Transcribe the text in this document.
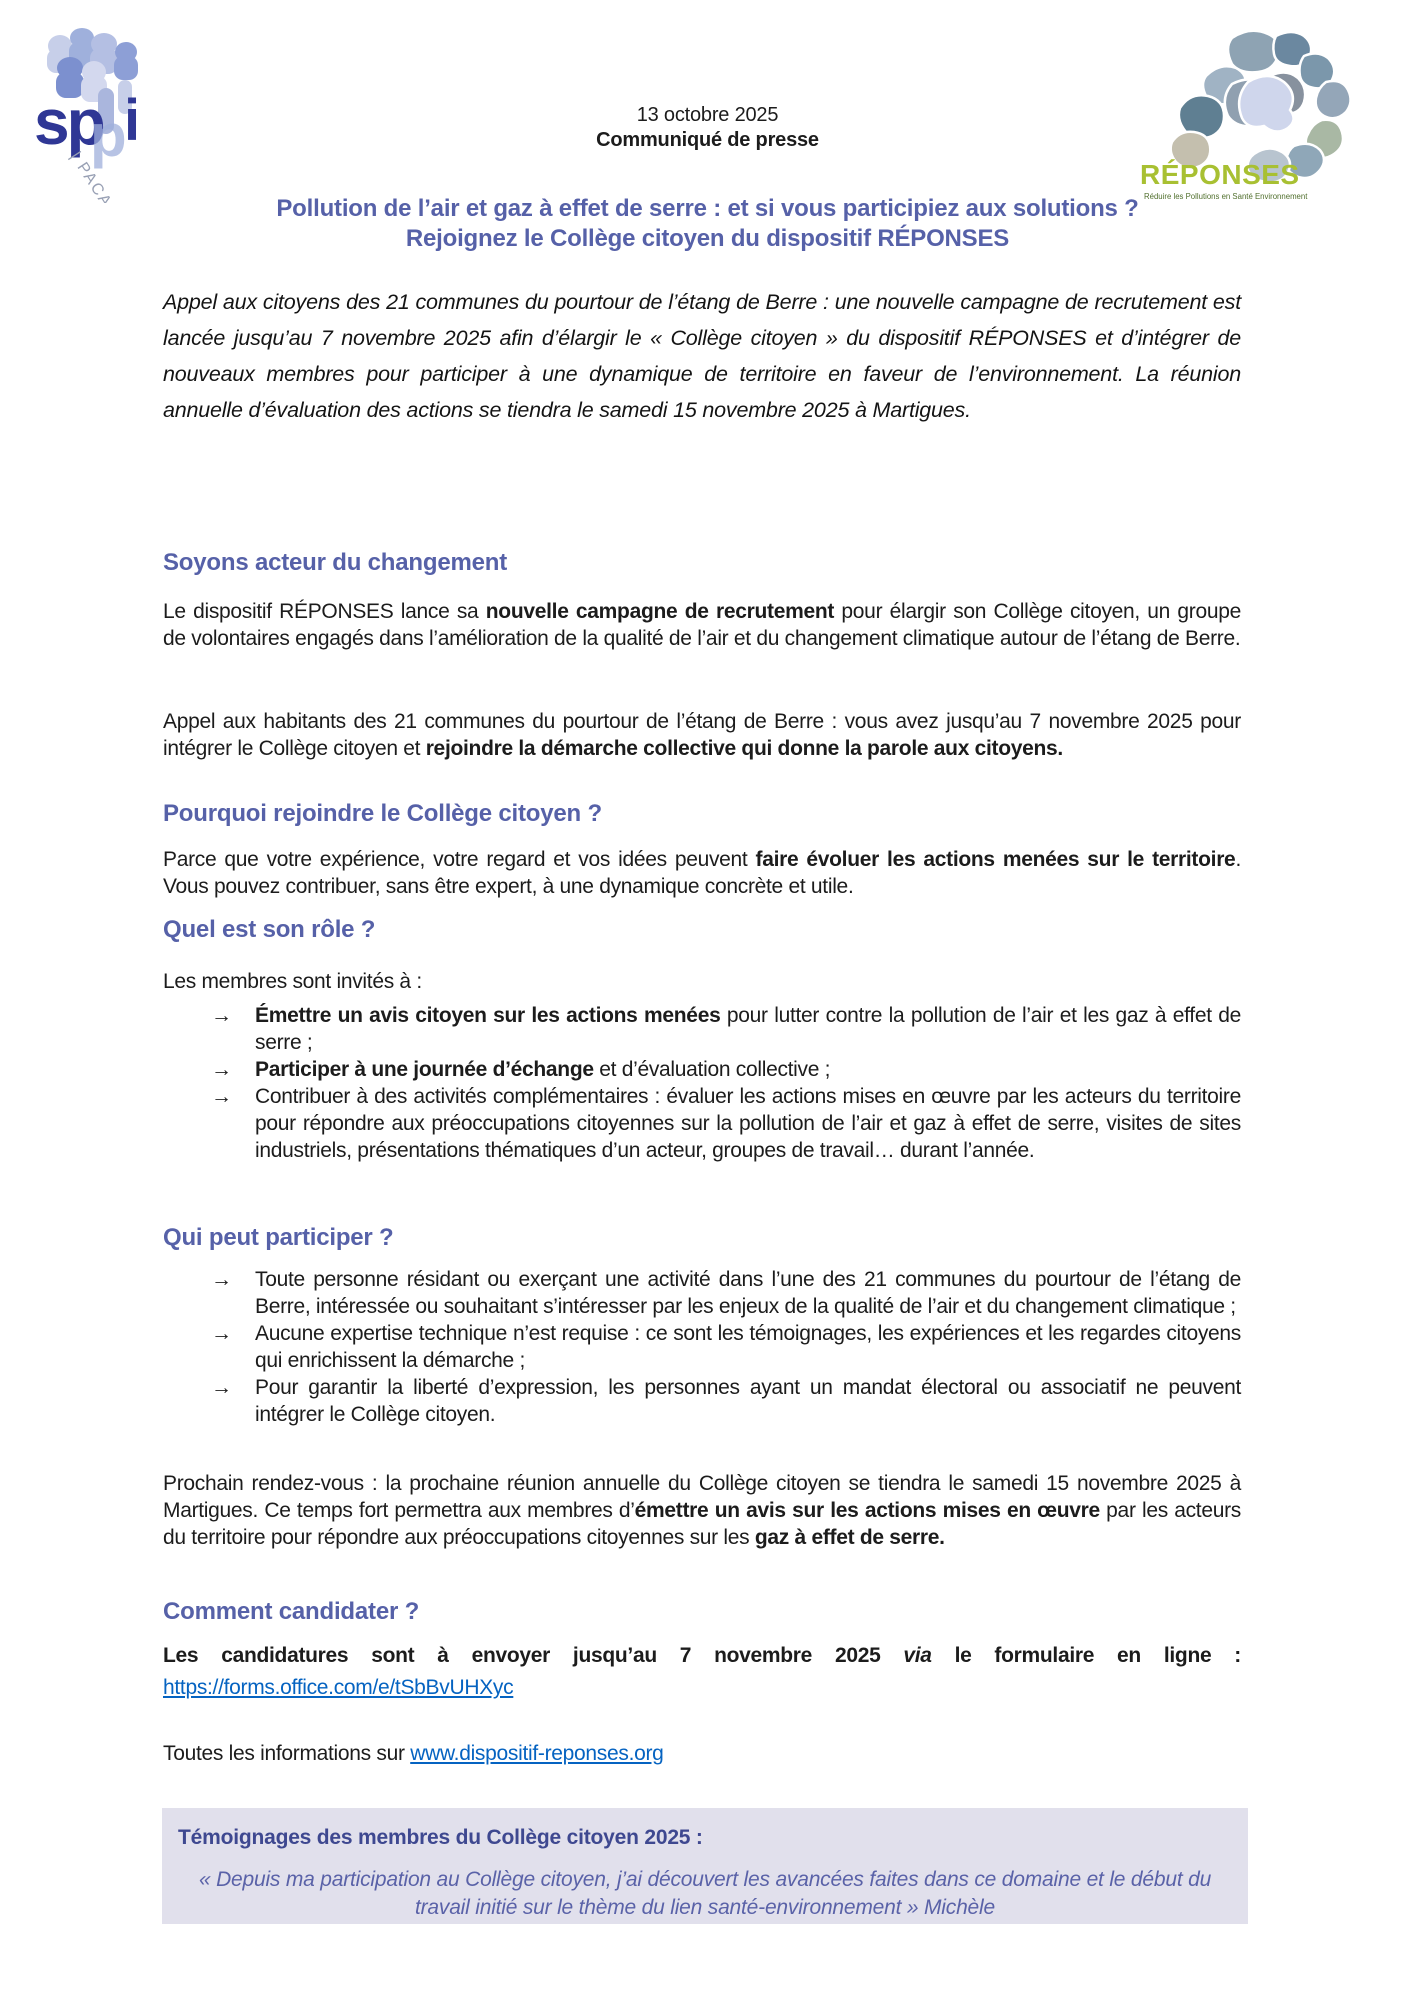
sp
p
i
| PACA	RÉPONSES
Réduire les Pollutions en Santé Environnement
13 octobre 2025
Communiqué de presse
Pollution de l’air et gaz à effet de serre : et si vous participiez aux solutions ?
Rejoignez le Collège citoyen du dispositif RÉPONSES
Appel aux citoyens des 21 communes du pourtour de l’étang de Berre : une nouvelle campagne de recrutement est lancée jusqu’au 7 novembre 2025 afin d’élargir le « Collège citoyen » du dispositif RÉPONSES et d’intégrer de nouveaux membres pour participer à une dynamique de territoire en faveur de l’environnement. La réunion annuelle d’évaluation des actions se tiendra le samedi 15 novembre 2025 à Martigues.
Soyons acteur du changement
Le dispositif RÉPONSES lance sa nouvelle campagne de recrutement pour élargir son Collège citoyen, un groupe de volontaires engagés dans l’amélioration de la qualité de l’air et du changement climatique autour de l’étang de Berre.
Appel aux habitants des 21 communes du pourtour de l’étang de Berre : vous avez jusqu’au 7 novembre 2025 pour intégrer le Collège citoyen et rejoindre la démarche collective qui donne la parole aux citoyens.
Pourquoi rejoindre le Collège citoyen ?
Parce que votre expérience, votre regard et vos idées peuvent faire évoluer les actions menées sur le territoire. Vous pouvez contribuer, sans être expert, à une dynamique concrète et utile.
Quel est son rôle ?
Les membres sont invités à :
→ Émettre un avis citoyen sur les actions menées pour lutter contre la pollution de l’air et les gaz à effet de serre ;
→ Participer à une journée d’échange et d’évaluation collective ;
→ Contribuer à des activités complémentaires : évaluer les actions mises en œuvre par les acteurs du territoire pour répondre aux préoccupations citoyennes sur la pollution de l’air et gaz à effet de serre, visites de sites industriels, présentations thématiques d’un acteur, groupes de travail… durant l’année.
Qui peut participer ?
→ Toute personne résidant ou exerçant une activité dans l’une des 21 communes du pourtour de l’étang de Berre, intéressée ou souhaitant s’intéresser par les enjeux de la qualité de l’air et du changement climatique ;
→ Aucune expertise technique n’est requise : ce sont les témoignages, les expériences et les regardes citoyens qui enrichissent la démarche ;
→ Pour garantir la liberté d’expression, les personnes ayant un mandat électoral ou associatif ne peuvent intégrer le Collège citoyen.
Prochain rendez-vous : la prochaine réunion annuelle du Collège citoyen se tiendra le samedi 15 novembre 2025 à Martigues. Ce temps fort permettra aux membres d’émettre un avis sur les actions mises en œuvre par les acteurs du territoire pour répondre aux préoccupations citoyennes sur les gaz à effet de serre.
Comment candidater ?
Les candidatures sont à envoyer jusqu’au 7 novembre 2025 via le formulaire en ligne :
https://forms.office.com/e/tSbBvUHXyc
Toutes les informations sur www.dispositif-reponses.org
Témoignages des membres du Collège citoyen 2025 :
« Depuis ma participation au Collège citoyen, j’ai découvert les avancées faites dans ce domaine et le début du travail initié sur le thème du lien santé-environnement » Michèle
